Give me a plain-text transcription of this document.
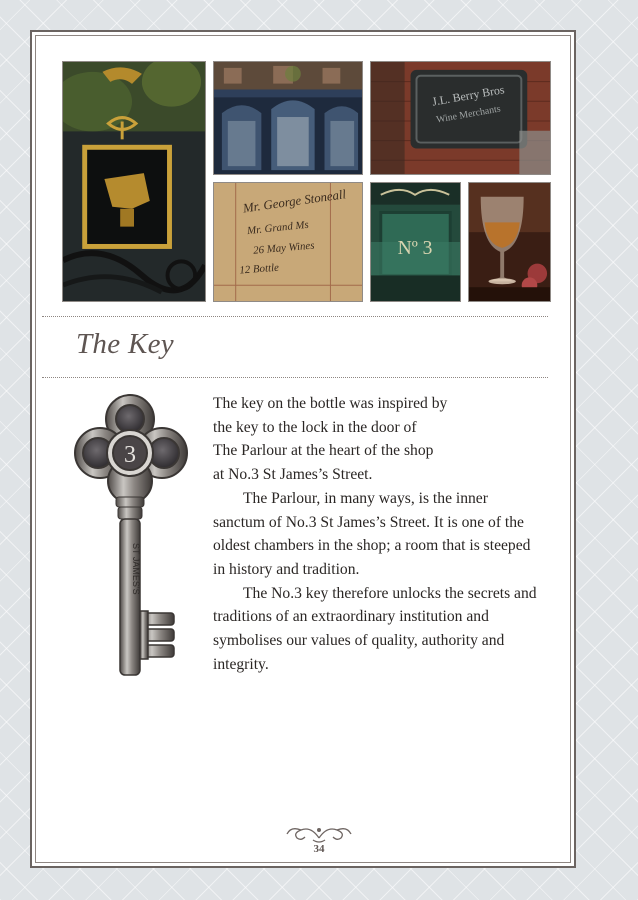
J.L. Berry Bros
Wine Merchants
Mr. George Stoneall
Mr. Grand Ms
26 May Wines
12 Bottle
Nº 3
The Key
3
ST JAMES'S
The key on the bottle was inspired by
the key to the lock in the door of
The Parlour at the heart of the shop
at No.3 St James’s Street.

The Parlour, in many ways, is the inner sanctum of No.3 St James’s Street. It is one of the oldest chambers in the shop; a room that is steeped in history and tradition.

The No.3 key therefore unlocks the secrets and traditions of an extraordinary institution and symbolises our values of quality, authority and integrity.

34
